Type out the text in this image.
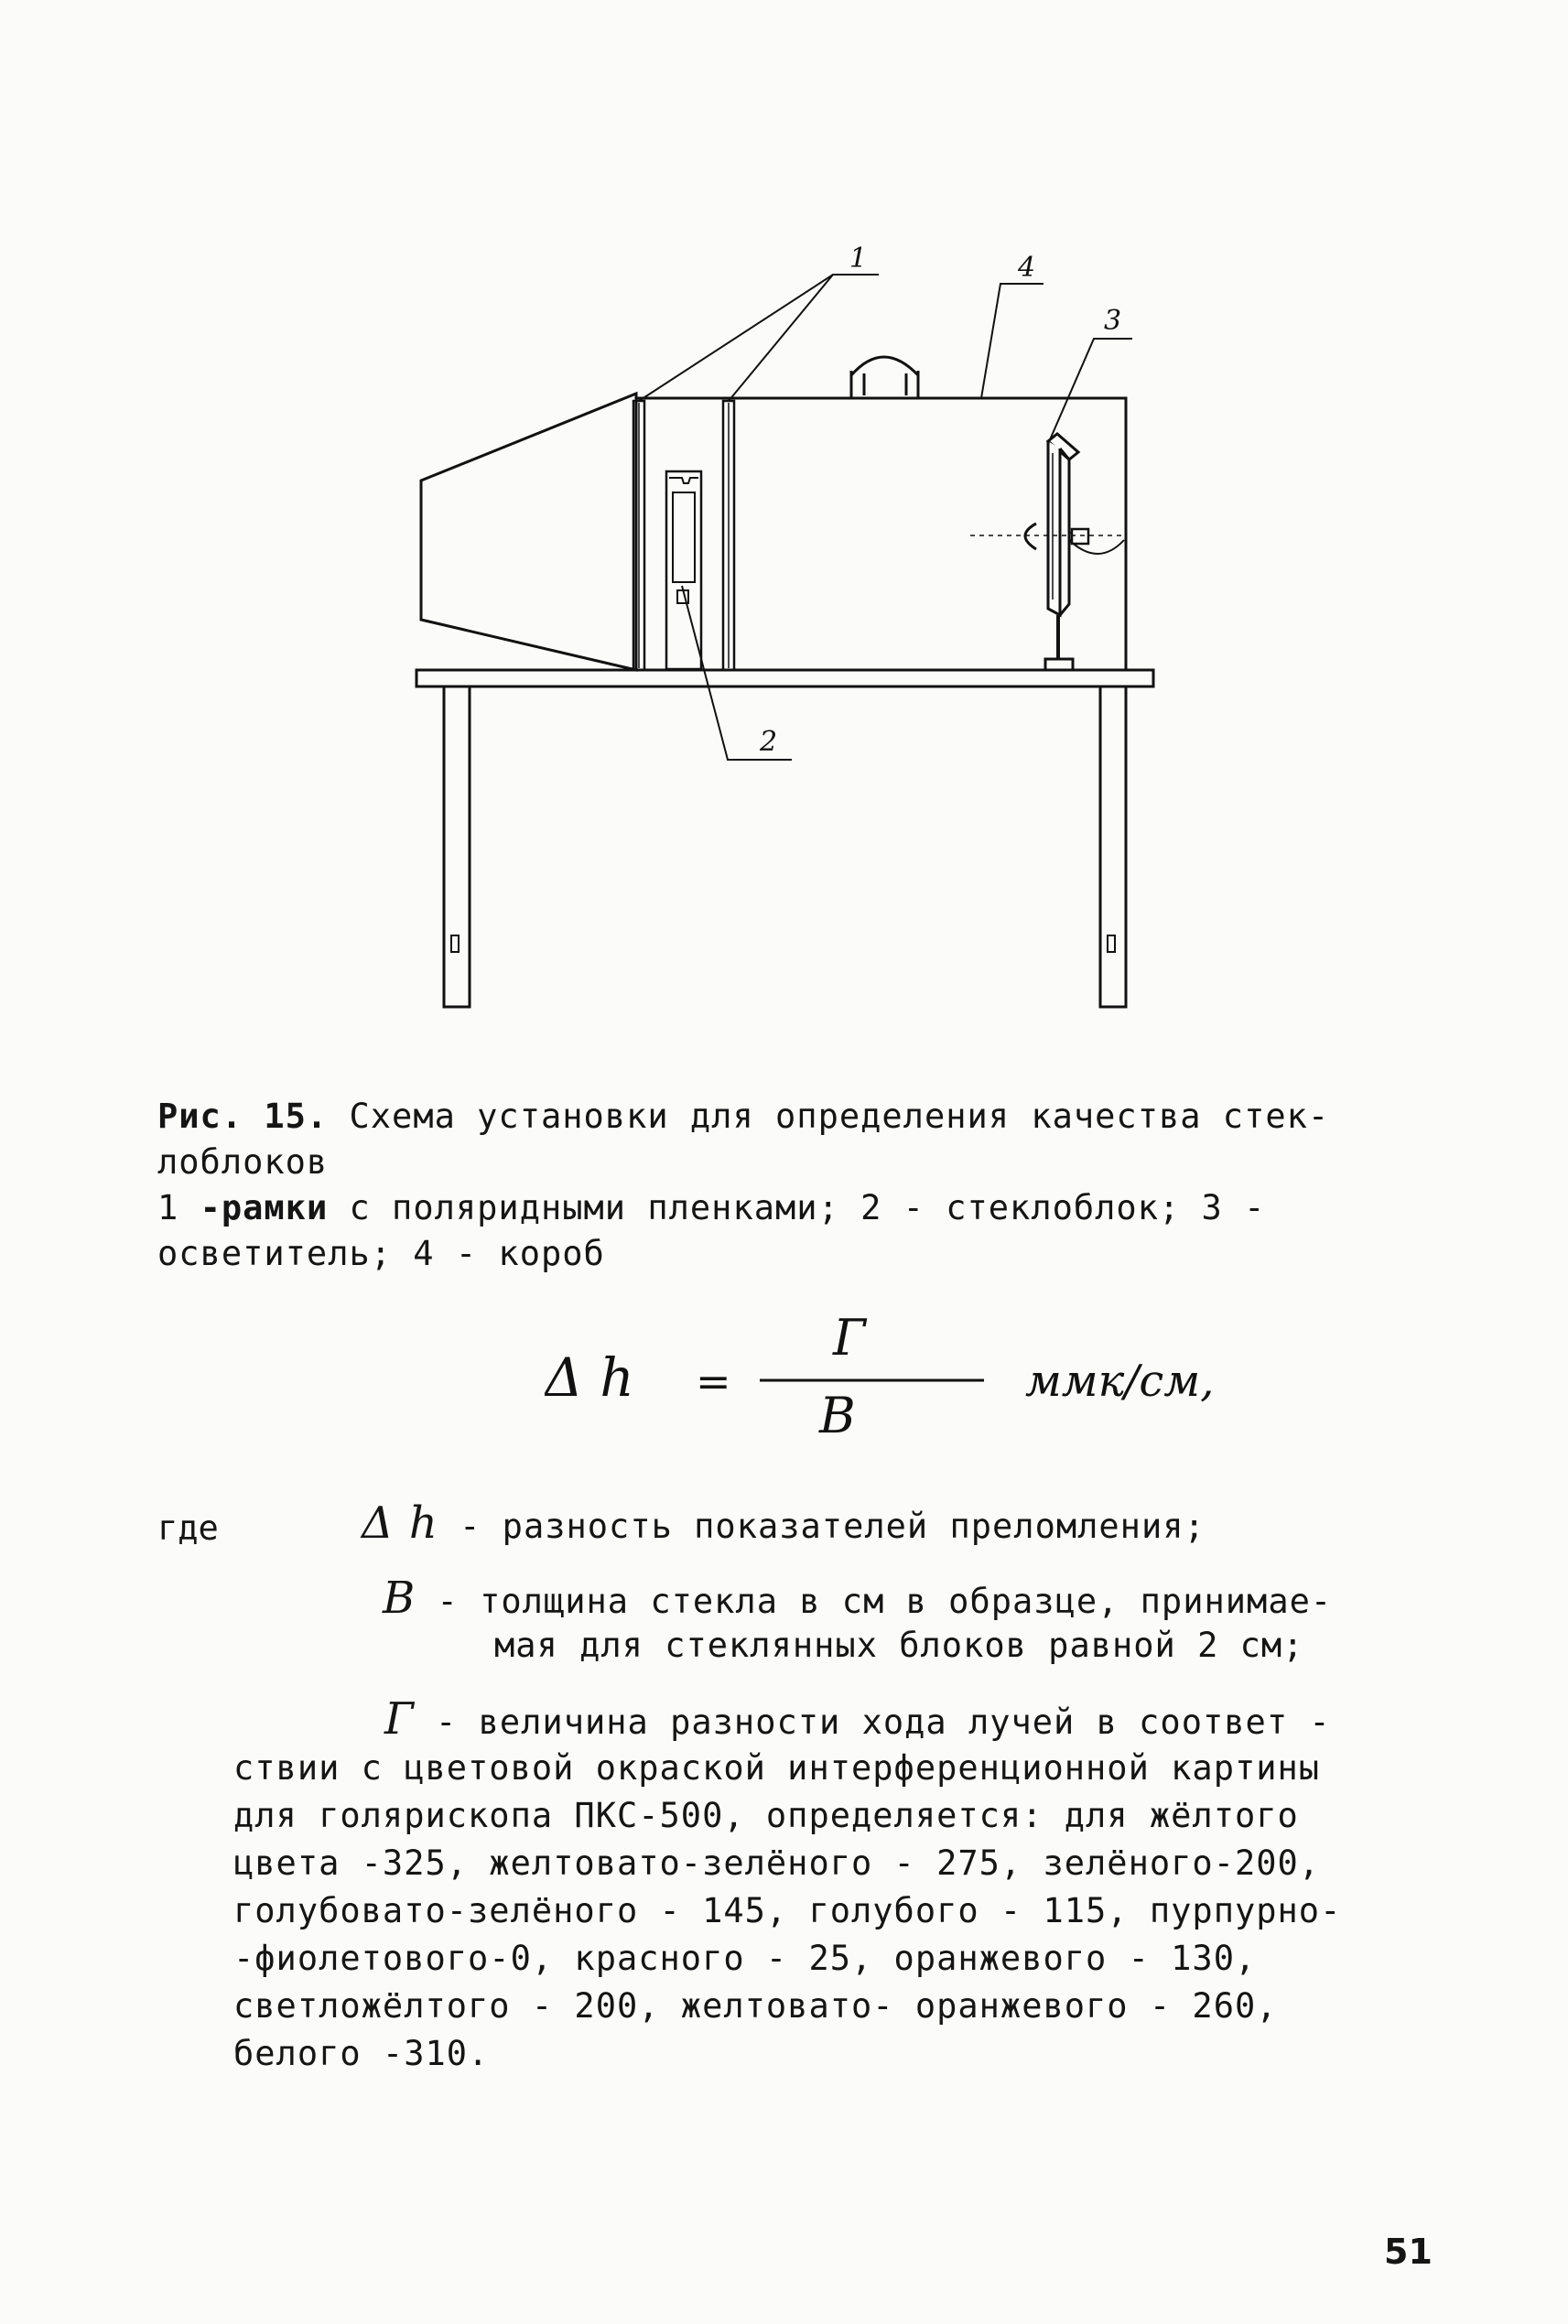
1	4
3
2

Рис. 15. Схема установки для определения качества стек-

лоблоков

1 -рамки с поляридными пленками; 2 - стеклоблок; 3 -

осветитель; 4 - короб

Δ h =
Г
В
ммк/см,
где	Δ h - разность показателей преломления;
В - толщина стекла в см в образце, принимае-
мая для стеклянных блоков равной 2 см;
Г - величина разности хода лучей в соответ -
ствии с цветовой окраской интерференционной картины
для голярископа ПКС-500, определяется: для жёлтого
цвета -325, желтовато-зелёного - 275, зелёного-200,
голубовато-зелёного - 145, голубого - 115, пурпурно-
-фиолетового-0, красного - 25, оранжевого - 130,
светложёлтого - 200, желтовато- оранжевого - 260,
белого -310.
51
